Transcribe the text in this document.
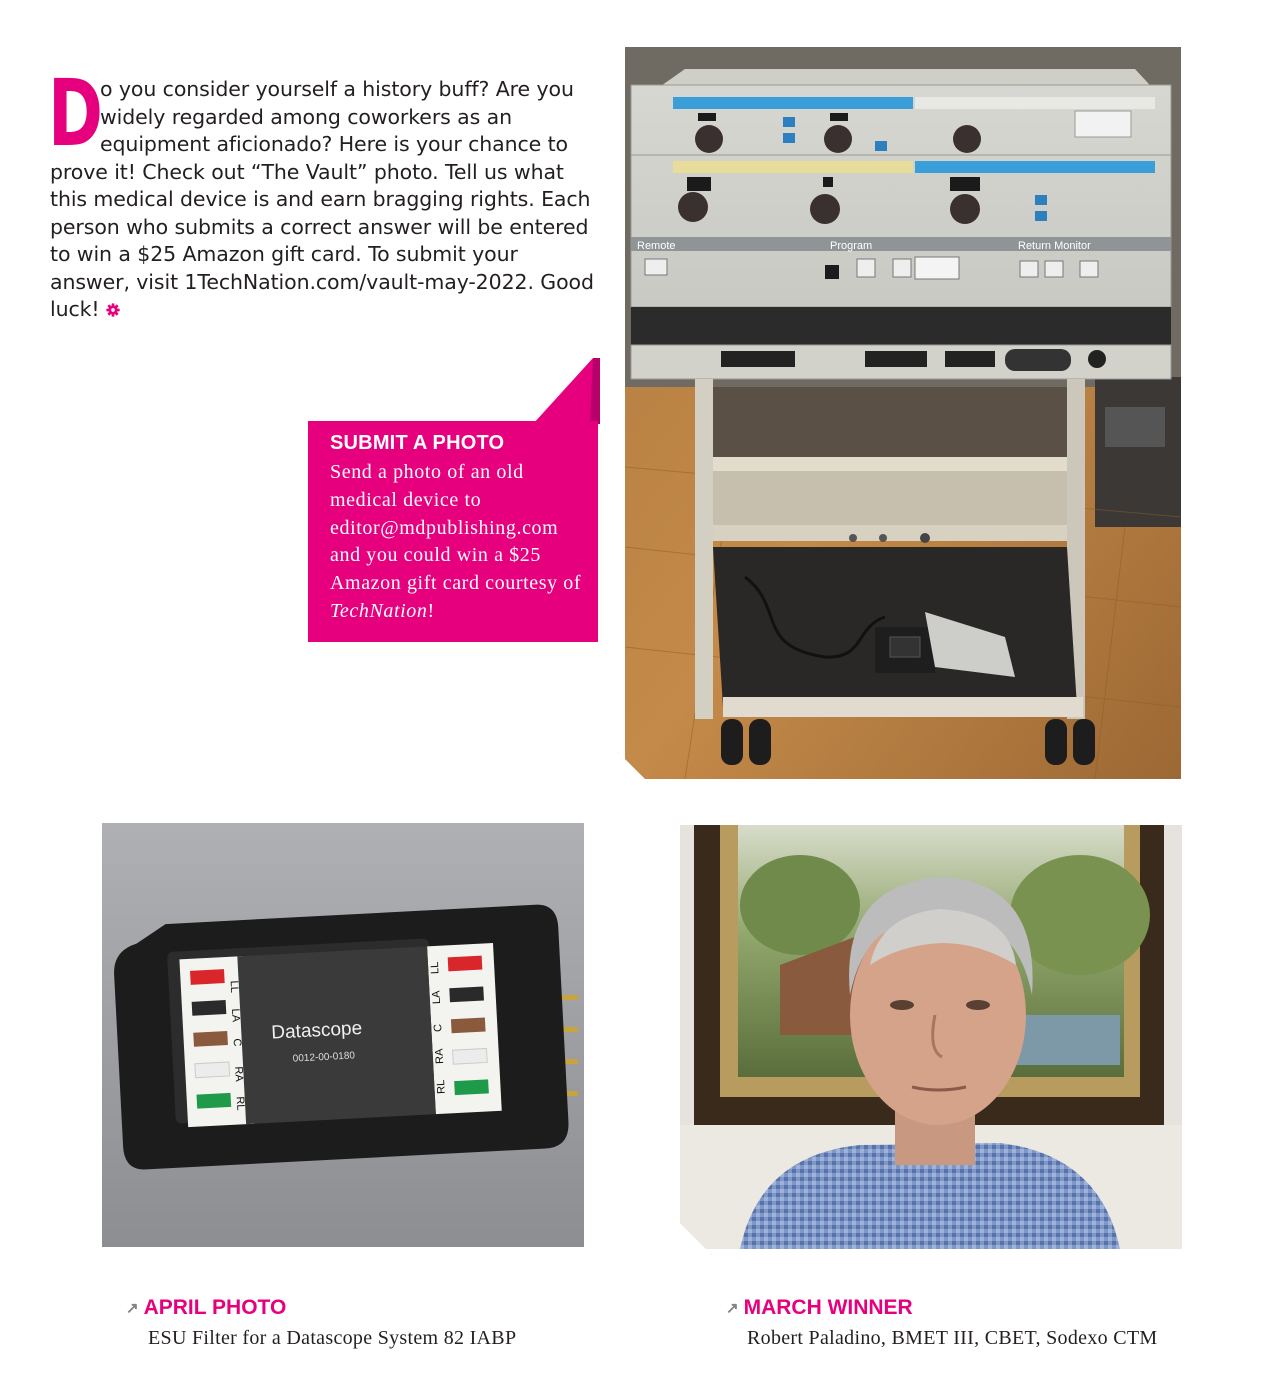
D
o you consider yourself a history buff? Are you widely regarded among coworkers as an equipment aficionado? Here is your chance to prove it! Check out “The Vault” photo. Tell us what this medical device is and earn bragging rights. Each person who submits a correct answer will be entered to win a $25 Amazon gift card. To submit your answer, visit 1TechNation.com/vault-may-2022. Good luck!
SUBMIT A PHOTO
Send a photo of an old medical device to editor@mdpublishing.com and you could win a $25 Amazon gift card courtesy of TechNation!
Remote	Program	Return Monitor
LL
LA
C
RA
RL
LL
LA
C
RA
RL
Datascope
0012-00-0180
↗ APRIL PHOTO
ESU Filter for a Datascope System 82 IABP
↗ MARCH WINNER
Robert Paladino, BMET III, CBET, Sodexo CTM
